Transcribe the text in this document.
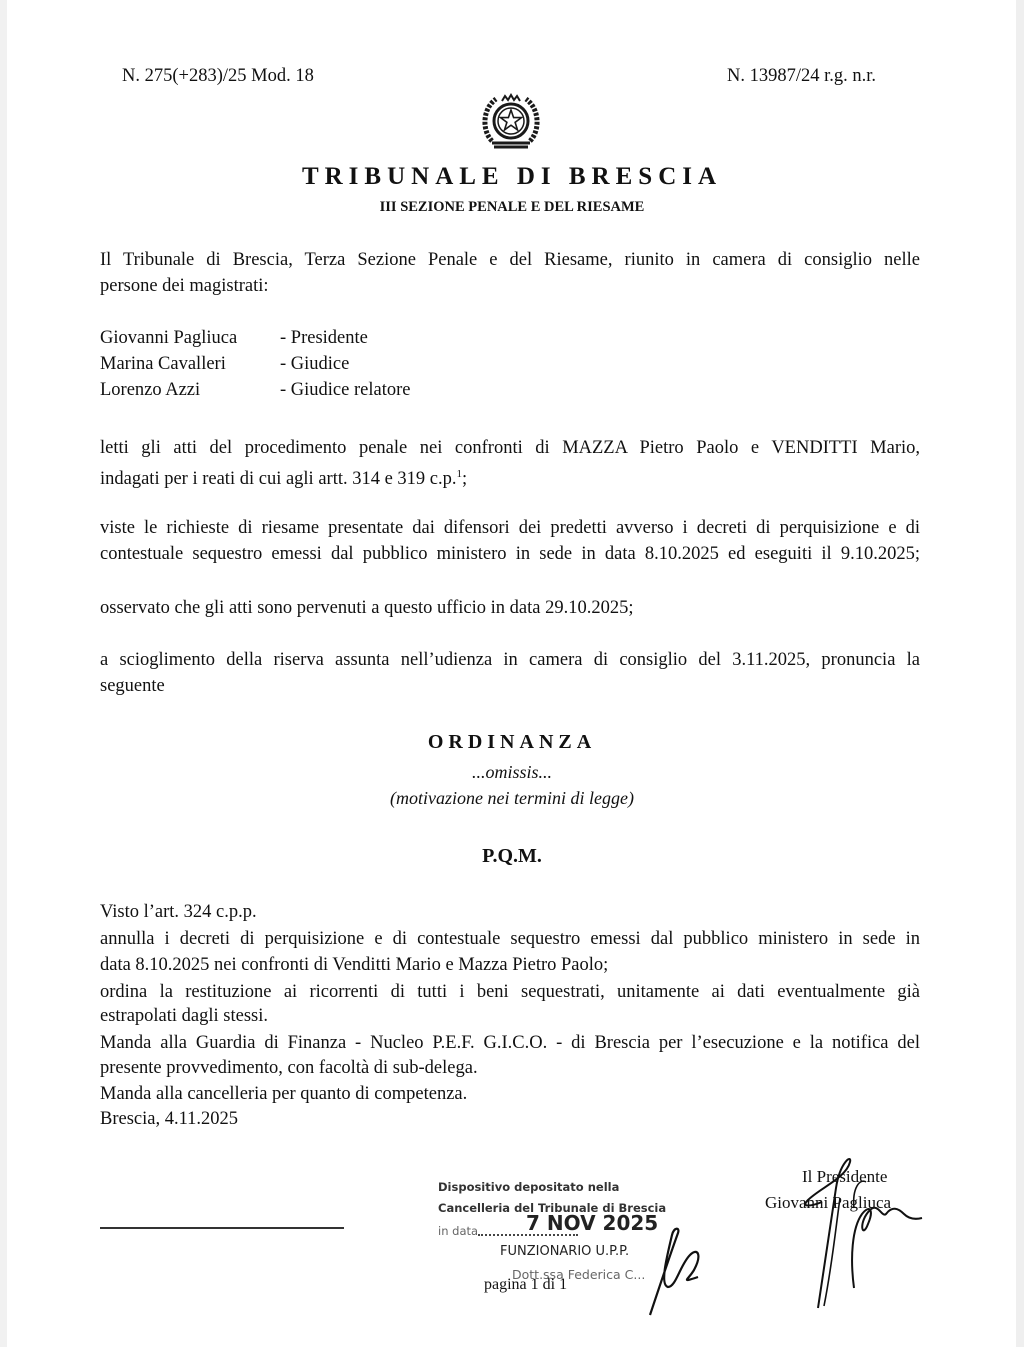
N. 275(+283)/25 Mod. 18	N. 13987/24 r.g. n.r.
TRIBUNALE DI BRESCIA
III SEZIONE PENALE E DEL RIESAME
Il Tribunale di Brescia, Terza Sezione Penale e del Riesame, riunito in camera di consiglio nelle
persone dei magistrati:
Giovanni Pagliuca - Presidente
Marina Cavalleri	- Giudice
Lorenzo Azzi	- Giudice relatore
letti gli atti del procedimento penale nei confronti di MAZZA Pietro Paolo e VENDITTI Mario,
indagati per i reati di cui agli artt. 314 e 319 c.p.$^1$;
viste le richieste di riesame presentate dai difensori dei predetti avverso i decreti di perquisizione e di
contestuale sequestro emessi dal pubblico ministero in sede in data 8.10.2025 ed eseguiti il 9.10.2025;
osservato che gli atti sono pervenuti a questo ufficio in data 29.10.2025;
a scioglimento della riserva assunta nell’udienza in camera di consiglio del 3.11.2025, pronuncia la
seguente
ORDINANZA
...omissis...
(motivazione nei termini di legge)
P.Q.M.
Visto l’art. 324 c.p.p.
annulla i decreti di perquisizione e di contestuale sequestro emessi dal pubblico ministero in sede in
data 8.10.2025 nei confronti di Venditti Mario e Mazza Pietro Paolo;
ordina la restituzione ai ricorrenti di tutti i beni sequestrati, unitamente ai dati eventualmente già
estrapolati dagli stessi.
Manda alla Guardia di Finanza - Nucleo P.E.F. G.I.C.O. - di Brescia per l’esecuzione e la notifica del
presente provvedimento, con facoltà di sub-delega.
Manda alla cancelleria per quanto di competenza.
Brescia, 4.11.2025
Dispositivo depositato nella
Cancelleria del Tribunale di Brescia
in data 7 NOV 2025
FUNZIONARIO U.P.P.
Dott.ssa Federica C...
pagina 1 di 1
Il Presidente
Giovanni Pagliuca
